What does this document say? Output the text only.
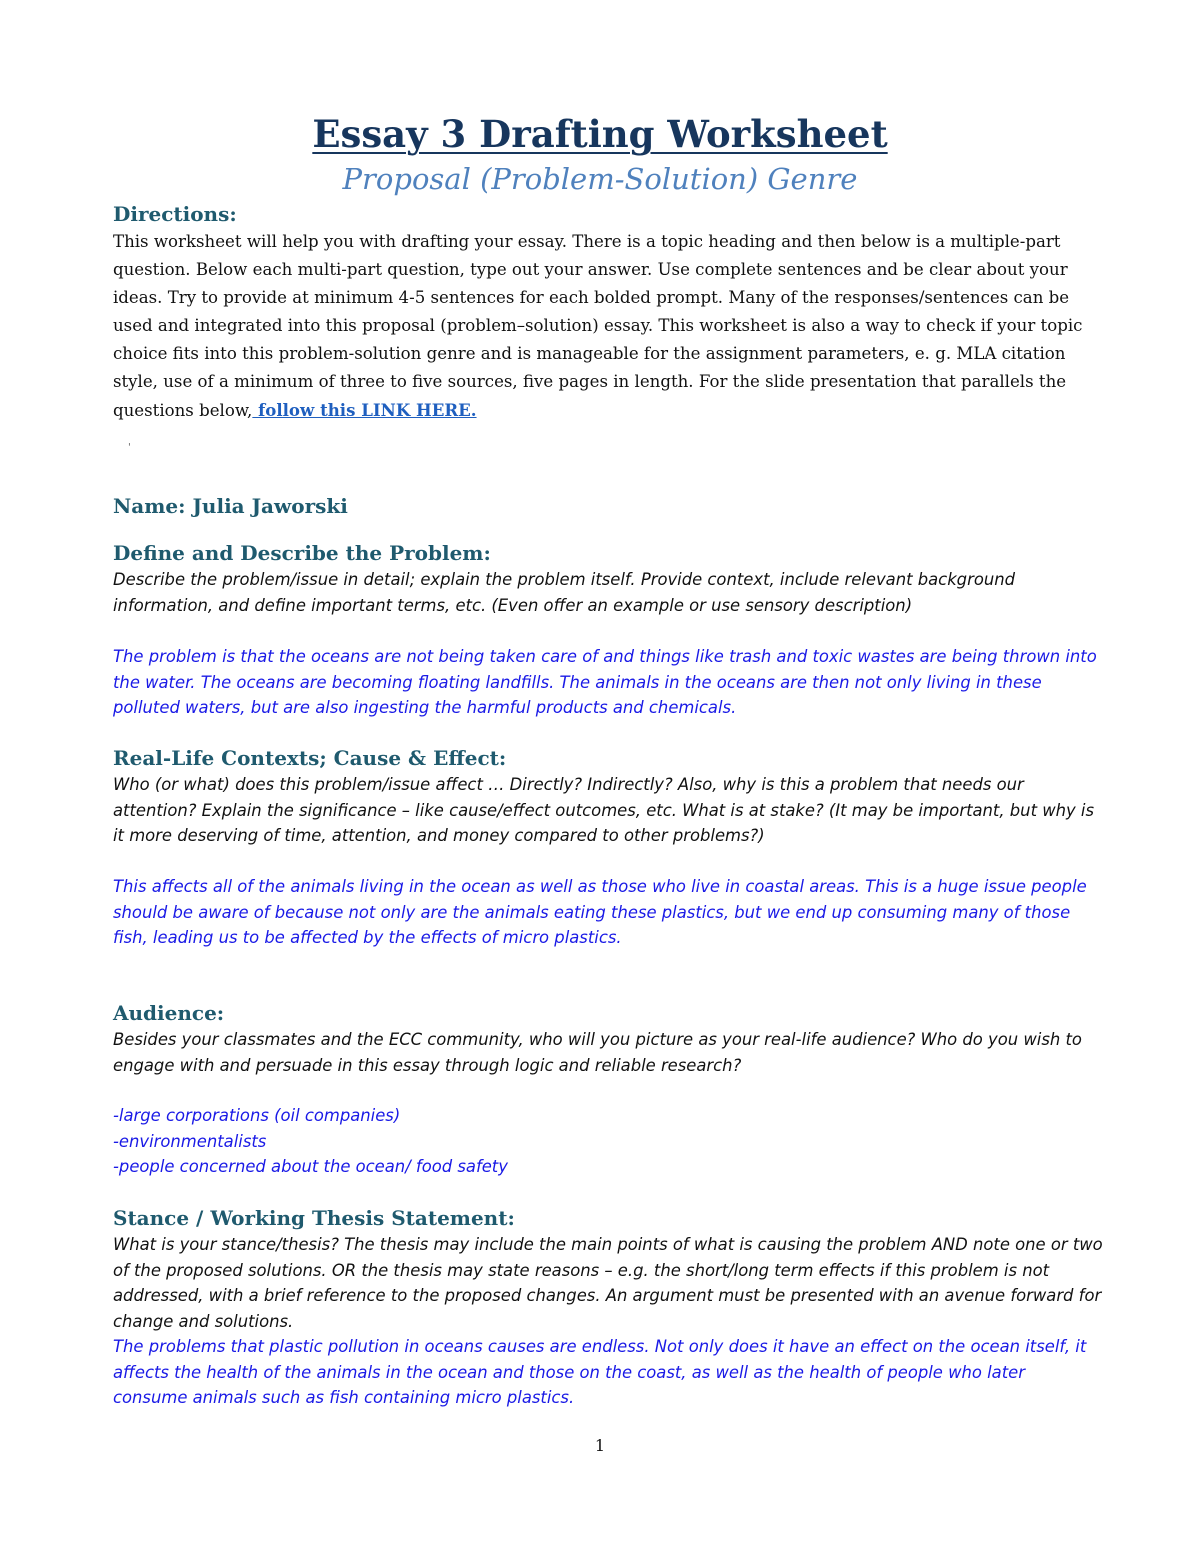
Essay 3 Drafting Worksheet
Proposal (Problem-Solution) Genre
Directions:

This worksheet will help you with drafting your essay. There is a topic heading and then below is a multiple-part question. Below each multi-part question, type out your answer. Use complete sentences and be clear about your ideas. Try to provide at minimum 4-5 sentences for each bolded prompt. Many of the responses/sentences can be used and integrated into this proposal (problem–solution) essay. This worksheet is also a way to check if your topic choice fits into this problem-solution genre and is manageable for the assignment parameters, e. g. MLA citation style, use of a minimum of three to five sources, five pages in length. For the slide presentation that parallels the questions below, follow this LINK HERE.

'
Name: Julia Jaworski
Define and Describe the Problem:

Describe the problem/issue in detail; explain the problem itself. Provide context, include relevant background information, and define important terms, etc. (Even offer an example or use sensory description)

The problem is that the oceans are not being taken care of and things like trash and toxic wastes are being thrown into the water. The oceans are becoming floating landfills. The animals in the oceans are then not only living in these polluted waters, but are also ingesting the harmful products and chemicals.

Real-Life Contexts; Cause & Effect:

Who (or what) does this problem/issue affect … Directly? Indirectly? Also, why is this a problem that needs our attention? Explain the significance – like cause/effect outcomes, etc. What is at stake? (It may be important, but why is it more deserving of time, attention, and money compared to other problems?)

This affects all of the animals living in the ocean as well as those who live in coastal areas. This is a huge issue people should be aware of because not only are the animals eating these plastics, but we end up consuming many of those fish, leading us to be affected by the effects of micro plastics.

Audience:

Besides your classmates and the ECC community, who will you picture as your real-life audience? Who do you wish to engage with and persuade in this essay through logic and reliable research?

-large corporations (oil companies)
-environmentalists
-people concerned about the ocean/ food safety
Stance / Working Thesis Statement:

What is your stance/thesis? The thesis may include the main points of what is causing the problem AND note one or two of the proposed solutions. OR the thesis may state reasons – e.g. the short/long term effects if this problem is not addressed, with a brief reference to the proposed changes. An argument must be presented with an avenue forward for change and solutions.

The problems that plastic pollution in oceans causes are endless. Not only does it have an effect on the ocean itself, it affects the health of the animals in the ocean and those on the coast, as well as the health of people who later consume animals such as fish containing micro plastics.

1
